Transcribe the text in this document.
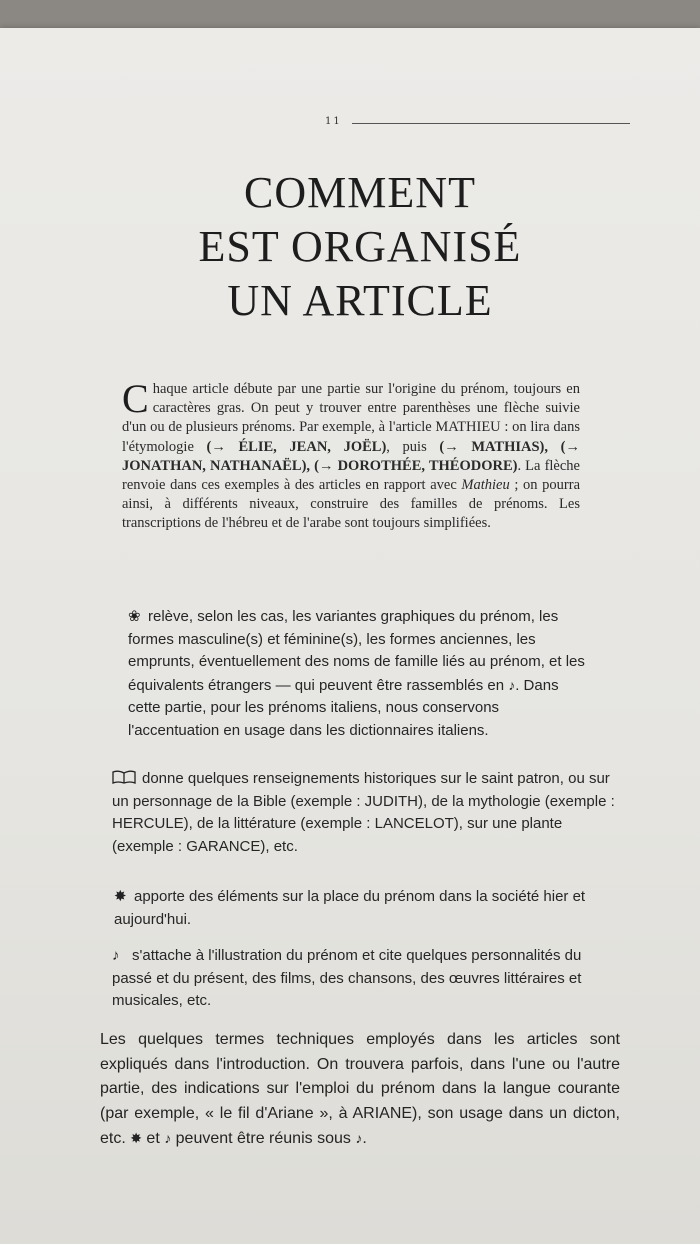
11
COMMENT
EST ORGANISÉ
UN ARTICLE
Chaque article débute par une partie sur l'origine du prénom, toujours en caractères gras. On peut y trouver entre parenthèses une flèche suivie d'un ou de plusieurs prénoms. Par exemple, à l'article MATHIEU : on lira dans l'étymologie (→ ÉLIE, JEAN, JOËL), puis (→ MATHIAS), (→ JONATHAN, NATHANAËL), (→ DOROTHÉE, THÉODORE). La flèche renvoie dans ces exemples à des articles en rapport avec Mathieu ; on pourra ainsi, à différents niveaux, construire des familles de prénoms. Les transcriptions de l'hébreu et de l'arabe sont toujours simplifiées.
❀ relève, selon les cas, les variantes graphiques du prénom, les formes masculine(s) et féminine(s), les formes anciennes, les emprunts, éventuellement des noms de famille liés au prénom, et les équivalents étrangers — qui peuvent être rassemblés en ♪. Dans cette partie, pour les prénoms italiens, nous conservons l'accentuation en usage dans les dictionnaires italiens.
donne quelques renseignements historiques sur le saint patron, ou sur un personnage de la Bible (exemple : JUDITH), de la mythologie (exemple : HERCULE), de la littérature (exemple : LANCELOT), sur une plante (exemple : GARANCE), etc.
✸ apporte des éléments sur la place du prénom dans la société hier et aujourd'hui.
♪ s'attache à l'illustration du prénom et cite quelques personnalités du passé et du présent, des films, des chansons, des œuvres littéraires et musicales, etc.
Les quelques termes techniques employés dans les articles sont expliqués dans l'introduction. On trouvera parfois, dans l'une ou l'autre partie, des indications sur l'emploi du prénom dans la langue courante (par exemple, « le fil d'Ariane », à ARIANE), son usage dans un dicton, etc. ✸ et ♪ peuvent être réunis sous ♪.
